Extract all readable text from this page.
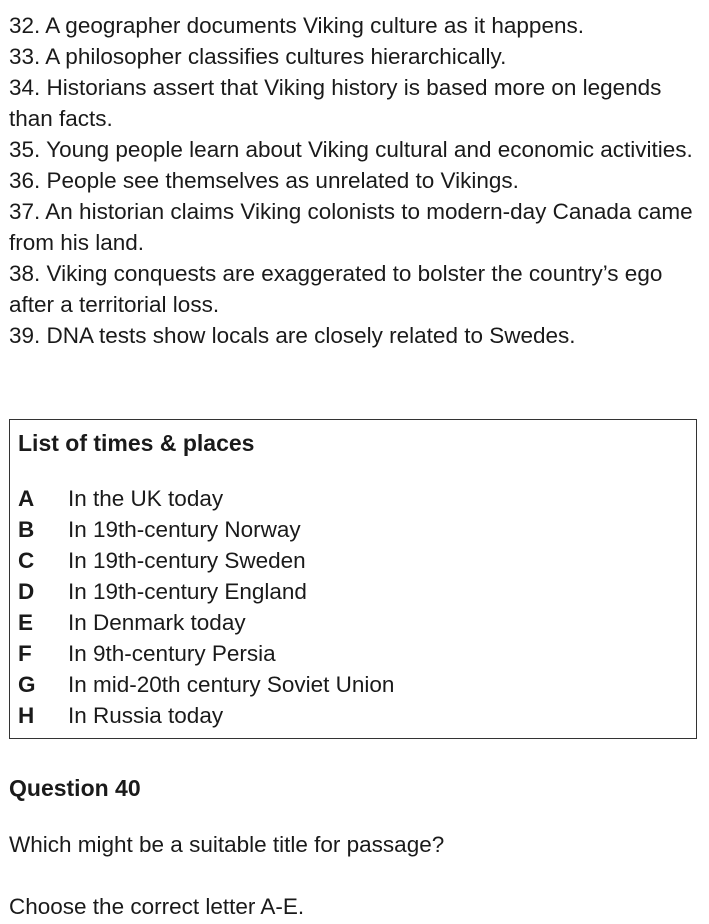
32. A geographer documents Viking culture as it happens.

33. A philosopher classifies cultures hierarchically.

34. Historians assert that Viking history is based more on legends than facts.

35. Young people learn about Viking cultural and economic activities.

36. People see themselves as unrelated to Vikings.

37. An historian claims Viking colonists to modern-day Canada came from his land.

38. Viking conquests are exaggerated to bolster the country’s ego after a territorial loss.

39. DNA tests show locals are closely related to Swedes.

List of times & places
A	In the UK today
B	In 19th-century Norway
C	In 19th-century Sweden
D	In 19th-century England
E	In Denmark today
F	In 9th-century Persia
G	In mid-20th century Soviet Union
H	In Russia today
Question 40
Which might be a suitable title for passage?
Choose the correct letter A-E.
